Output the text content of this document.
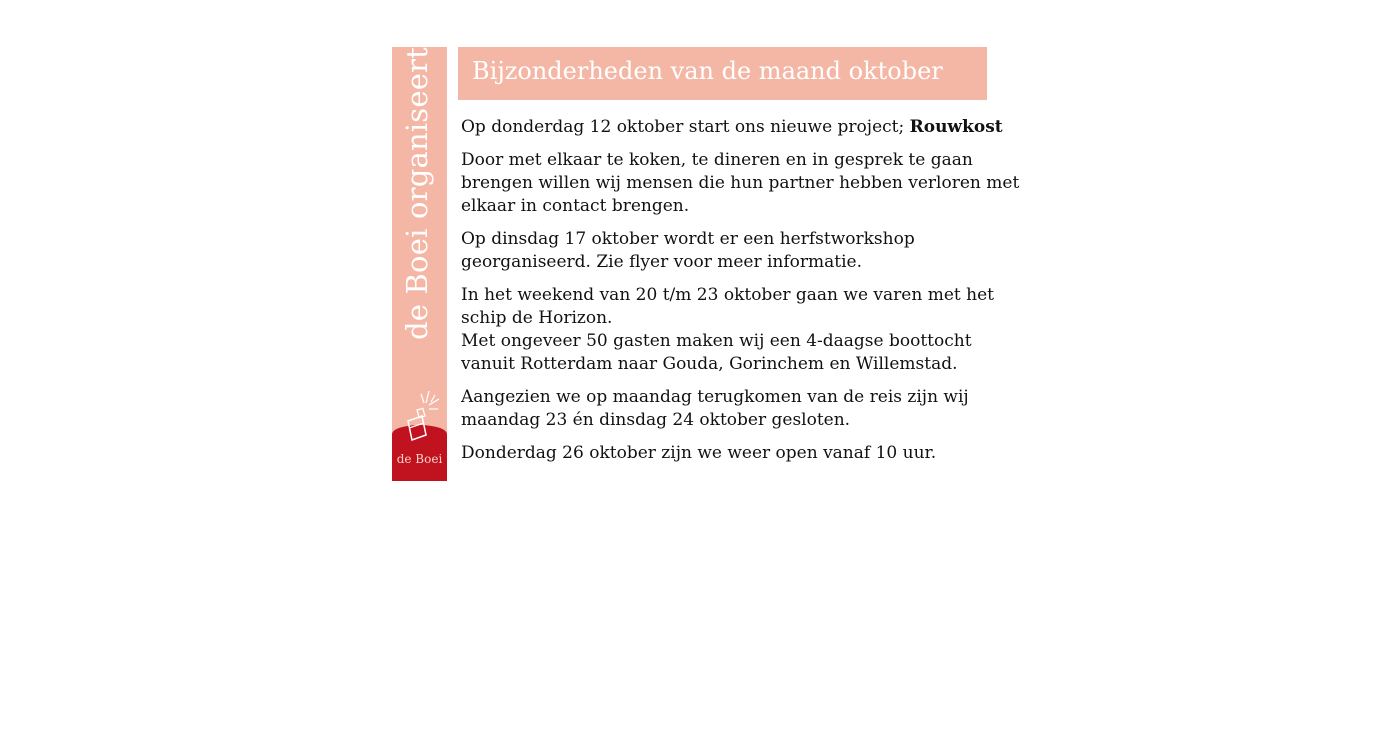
de Boei organiseert
de Boei
Bijzonderheden van de maand oktober

Op donderdag 12 oktober start ons nieuwe project; Rouwkost

Door met elkaar te koken, te dineren en in gesprek te gaan brengen willen wij mensen die hun partner hebben verloren met elkaar in contact brengen.

Op dinsdag 17 oktober wordt er een herfstworkshop georganiseerd. Zie flyer voor meer informatie.

In het weekend van 20 t/m 23 oktober gaan we varen met het schip de Horizon.
Met ongeveer 50 gasten maken wij een 4-daagse boottocht vanuit Rotterdam naar Gouda, Gorinchem en Willemstad.

Aangezien we op maandag terugkomen van de reis zijn wij maandag 23 én dinsdag 24 oktober gesloten.

Donderdag 26 oktober zijn we weer open vanaf 10 uur.
